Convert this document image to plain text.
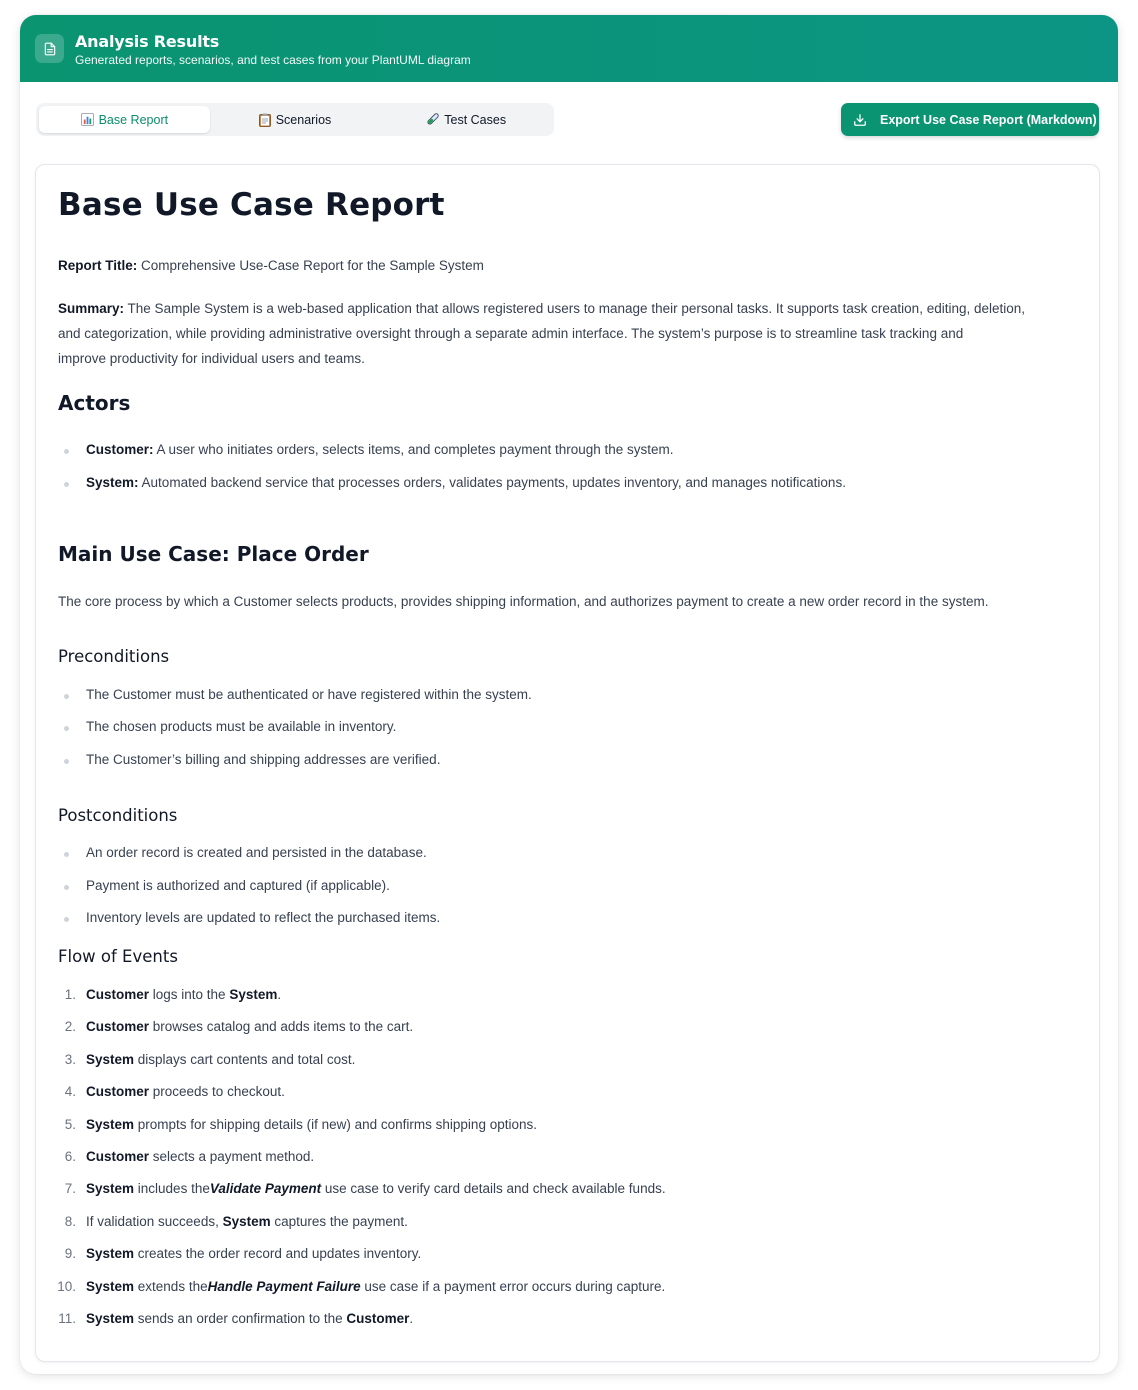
Analysis Results
Generated reports, scenarios, and test cases from your PlantUML diagram
Base Report	Scenarios	Test Cases	Export Use Case Report (Markdown)
Base Use Case Report
Report Title: Comprehensive Use-Case Report for the Sample System
Summary: The Sample System is a web-based application that allows registered users to manage their personal tasks. It supports task creation, editing, deletion,
and categorization, while providing administrative oversight through a separate admin interface. The system’s purpose is to streamline task tracking and
improve productivity for individual users and teams.
Actors
Customer: A user who initiates orders, selects items, and completes payment through the system.
System: Automated backend service that processes orders, validates payments, updates inventory, and manages notifications.
Main Use Case: Place Order
The core process by which a Customer selects products, provides shipping information, and authorizes payment to create a new order record in the system.
Preconditions
The Customer must be authenticated or have registered within the system.
The chosen products must be available in inventory.
The Customer’s billing and shipping addresses are verified.
Postconditions
An order record is created and persisted in the database.
Payment is authorized and captured (if applicable).
Inventory levels are updated to reflect the purchased items.
Flow of Events
1. Customer logs into the System.
2. Customer browses catalog and adds items to the cart.
3. System displays cart contents and total cost.
4. Customer proceeds to checkout.
5. System prompts for shipping details (if new) and confirms shipping options.
6. Customer selects a payment method.
7. System includes theValidate Payment use case to verify card details and check available funds.
8. If validation succeeds, System captures the payment.
9. System creates the order record and updates inventory.
10. System extends theHandle Payment Failure use case if a payment error occurs during capture.
11. System sends an order confirmation to the Customer.
